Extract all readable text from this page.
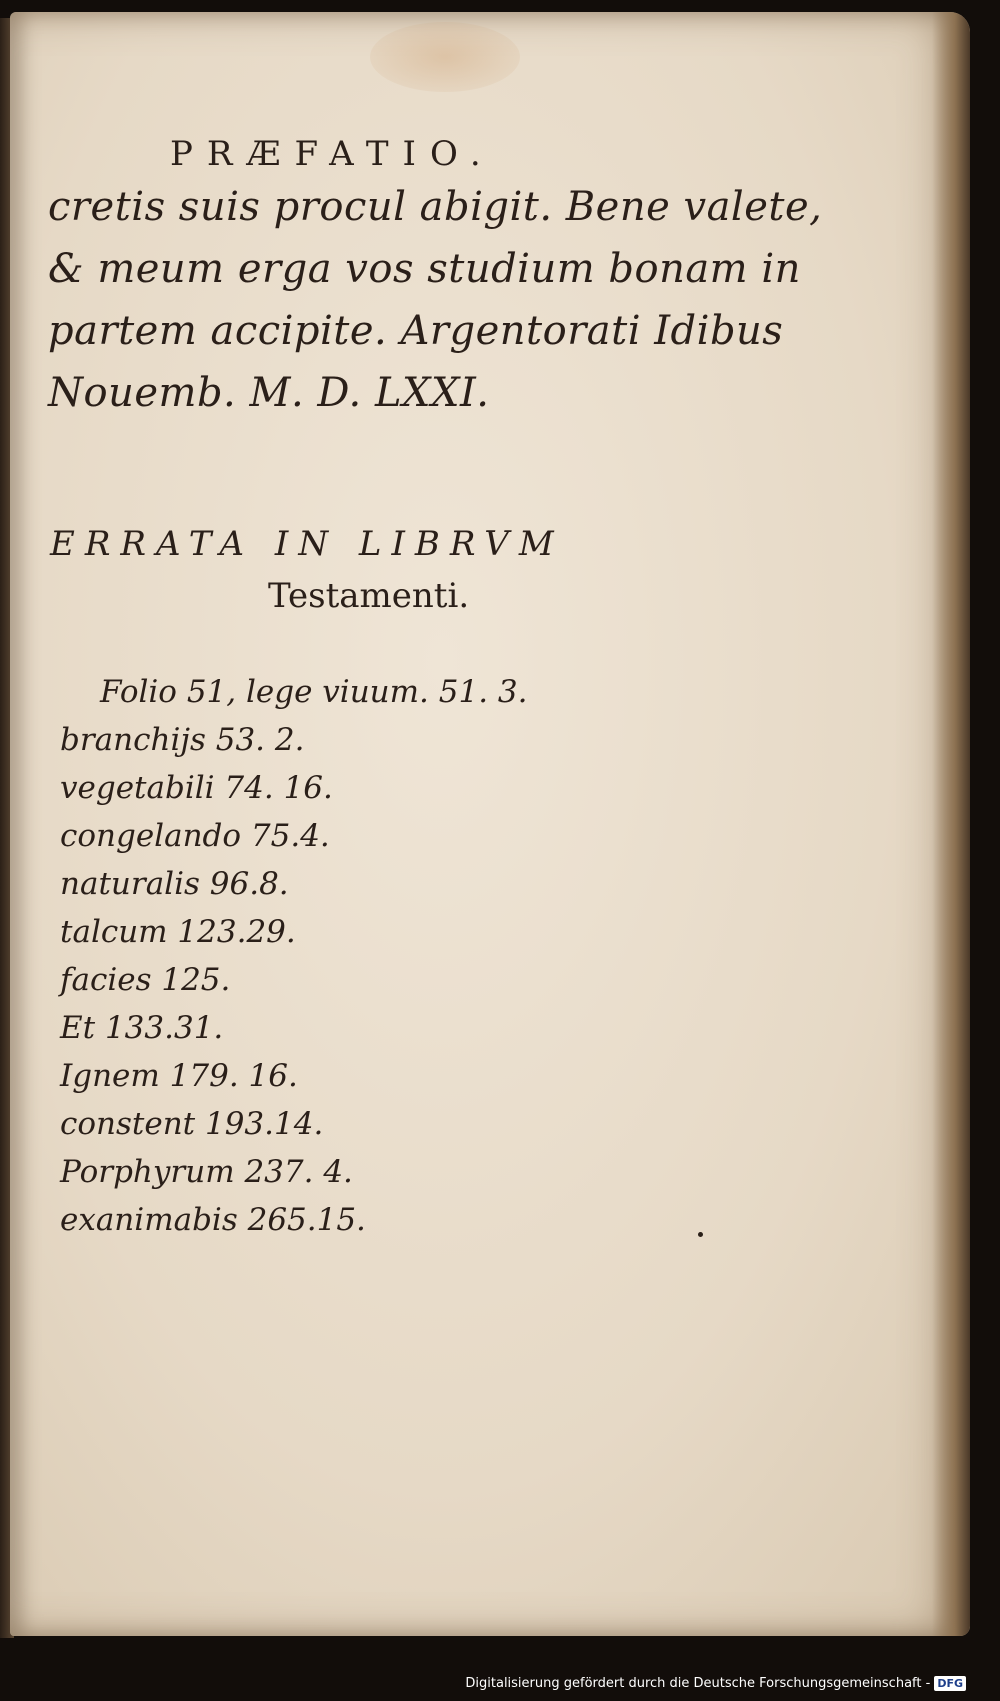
PRÆFATIO.
cretis suis procul abigit. Bene valete,
& meum erga vos studium bonam in
partem accipite. Argentorati Idibus
Nouemb. M. D. LXXI.
ERRATA IN LIBRVM
Testamenti.
Folio 51, lege viuum. 51. 3.
branchijs 53. 2.
vegetabili 74. 16.
congelando 75.4.
naturalis 96.8.
talcum 123.29.
facies 125.
Et 133.31.
Ignem 179. 16.
constent 193.14.
Porphyrum 237. 4.
exanimabis 265.15.
Digitalisierung gefördert durch die Deutsche Forschungsgemeinschaft - DFG
